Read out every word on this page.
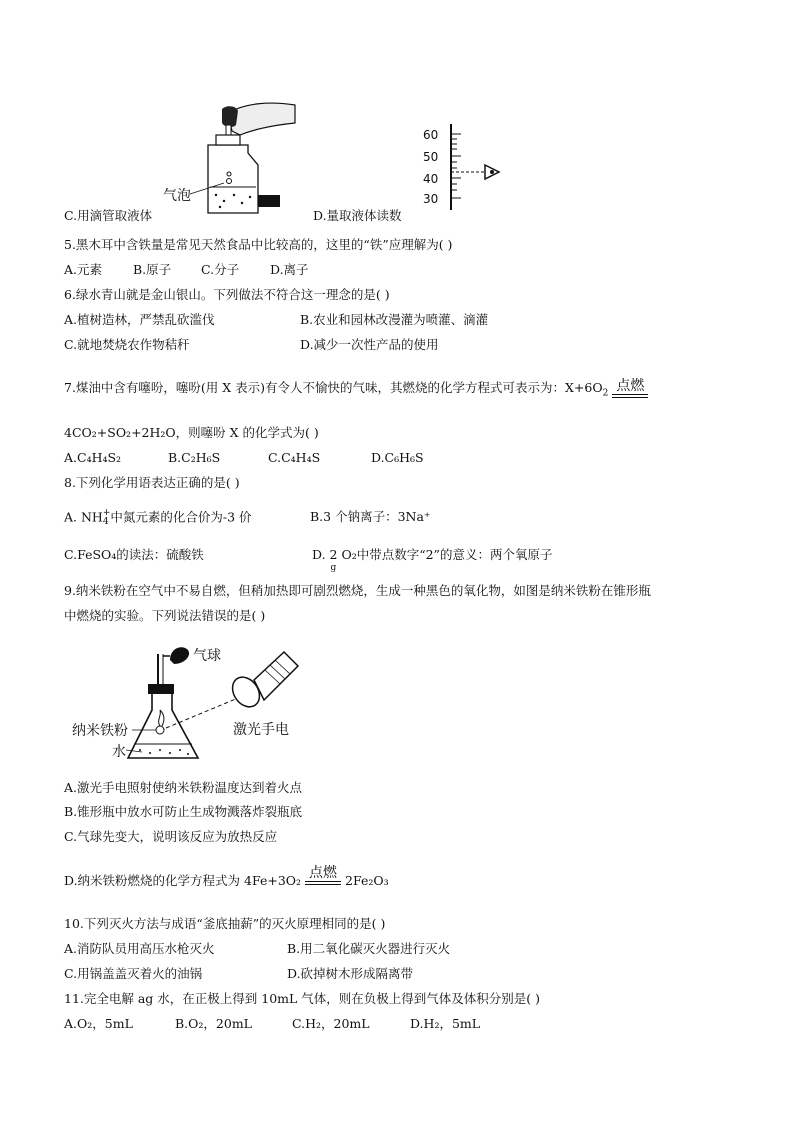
气泡
60
50
40
30
C.用滴管取液体	D.量取液体读数
5.黑木耳中含铁量是常见天然食品中比较高的，这里的“铁”应理解为( )
A.元素 B.原子 C.分子 D.离子
6.绿水青山就是金山银山。下列做法不符合这一理念的是( )
A.植树造林，严禁乱砍滥伐	B.农业和园林改漫灌为喷灌、滴灌
C.就地焚烧农作物秸秆	D.减少一次性产品的使用
7.煤油中含有噻吩，噻吩(用 X 表示)有令人不愉快的气味，其燃烧的化学方程式可表示为：$X+6O_2$ 点燃
4CO₂+SO₂+2H₂O，则噻吩 X 的化学式为( )
A.C₄H₄S₂	B.C₂H₆S	C.C₄H₄S	D.C₆H₆S
8.下列化学用语表达正确的是( )
A. NH +
4 中氮元素的化合价为-3 价	B.3 个钠离子：3Na⁺
C.FeSO₄的读法：硫酸铁	D. 2
g
O₂中带点数字“2”的意义：两个氧原子
9.纳米铁粉在空气中不易自燃，但稍加热即可剧烈燃烧，生成一种黑色的氧化物，如图是纳米铁粉在锥形瓶
中燃烧的实验。下列说法错误的是( )
气球
纳米铁粉
水
激光手电
A.激光手电照射使纳米铁粉温度达到着火点
B.锥形瓶中放水可防止生成物溅落炸裂瓶底
C.气球先变大，说明该反应为放热反应
D.纳米铁粉燃烧的化学方程式为 4Fe+3O₂ 点燃 2Fe₂O₃
10.下列灭火方法与成语“釜底抽薪”的灭火原理相同的是( )
A.消防队员用高压水枪灭火	B.用二氧化碳灭火器进行灭火
C.用锅盖盖灭着火的油锅	D.砍掉树木形成隔离带
11.完全电解 ag 水，在正极上得到 10mL 气体，则在负极上得到气体及体积分别是( )
A.O₂，5mL	B.O₂，20mL	C.H₂，20mL	D.H₂，5mL
